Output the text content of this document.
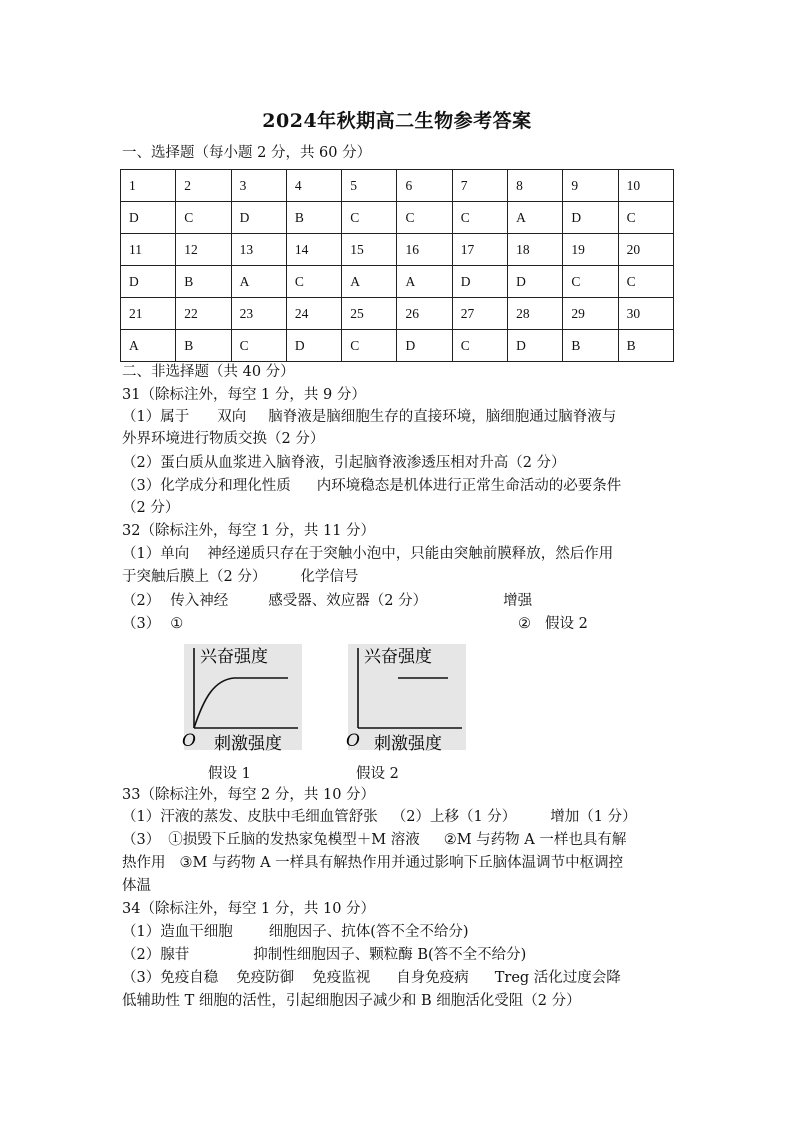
2024年秋期高二生物参考答案
一、选择题（每小题 2 分，共 60 分）
1	2	3	4	5	6	7	8	9	10
D	C	D	B	C	C	C	A	D	C
11	12	13	14	15	16	17	18	19	20
D	B	A	C	A	A	D	D	C	C
21	22	23	24	25	26	27	28	29	30
A	B	C	D	C	D	C	D	B	B
二、非选择题（共 40 分）
31（除标注外，每空 1 分，共 9 分）
（1）属于 双向 脑脊液是脑细胞生存的直接环境，脑细胞通过脑脊液与
外界环境进行物质交换（2 分）
（2）蛋白质从血浆进入脑脊液，引起脑脊液渗透压相对升高（2 分）
（3）化学成分和理化性质 内环境稳态是机体进行正常生命活动的必要条件
（2 分）
32（除标注外，每空 1 分，共 11 分）
（1）单向 神经递质只存在于突触小泡中，只能由突触前膜释放，然后作用
于突触后膜上（2 分） 化学信号
（2） 传入神经	感受器、效应器（2 分）	增强
（3） ①	② 假设 2
兴奋强度
刺激强度
O
假设 1
兴奋强度
刺激强度
O
假设 2
33（除标注外，每空 2 分，共 10 分）
（1）汗液的蒸发、皮肤中毛细血管舒张 （2）上移（1 分） 增加（1 分）
（3） ①损毁下丘脑的发热家兔模型＋M 溶液 ②M 与药物 A 一样也具有解
热作用 ③M 与药物 A 一样具有解热作用并通过影响下丘脑体温调节中枢调控
体温
34（除标注外，每空 1 分，共 10 分）
（1）造血干细胞 细胞因子、抗体(答不全不给分)
（2）腺苷	抑制性细胞因子、颗粒酶 B(答不全不给分)
（3）免疫自稳 免疫防御 免疫监视 自身免疫病 Treg 活化过度会降
低辅助性 T 细胞的活性，引起细胞因子减少和 B 细胞活化受阻（2 分）
